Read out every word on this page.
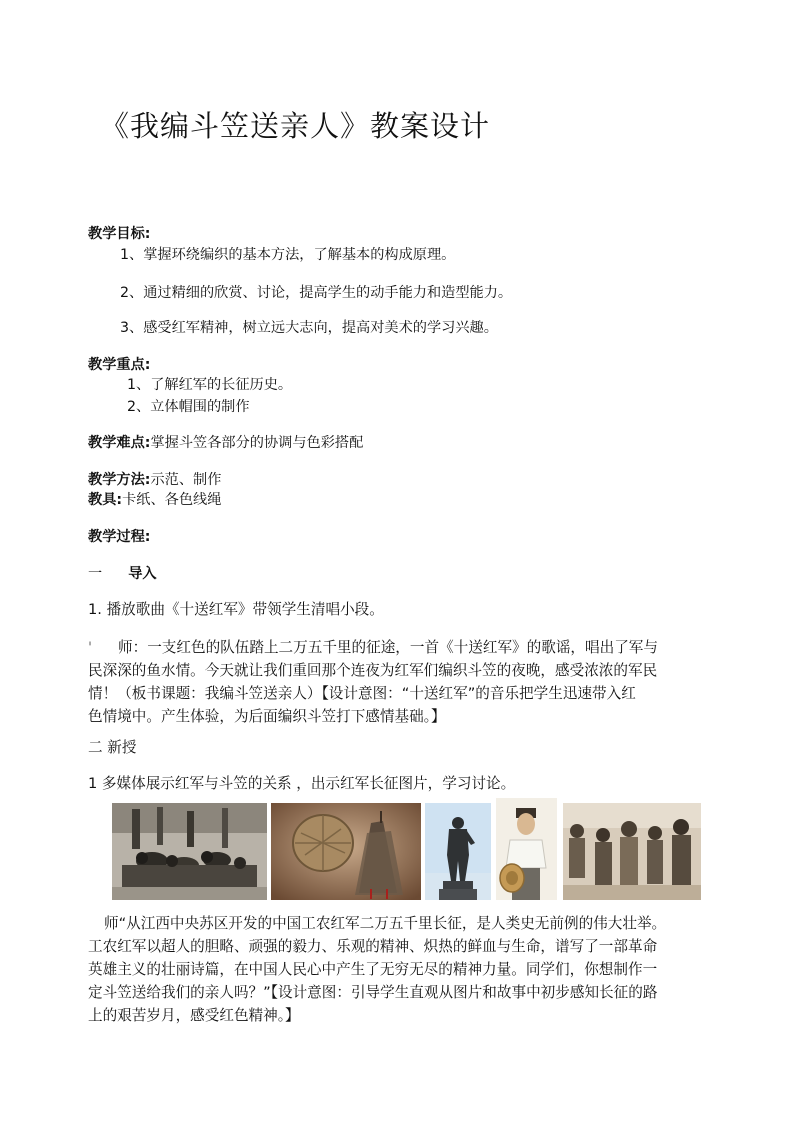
《我编斗笠送亲人》教案设计
教学目标:
1、掌握环绕编织的基本方法，了解基本的构成原理。
2、通过精细的欣赏、讨论，提高学生的动手能力和造型能力。
3、感受红军精神，树立远大志向，提高对美术的学习兴趣。
教学重点:
1、了解红军的长征历史。
2、立体帽围的制作
教学难点:掌握斗笠各部分的协调与色彩搭配
教学方法:示范、制作
教具:卡纸、各色线绳
教学过程:
一 导入
1. 播放歌曲《十送红军》带领学生清唱小段。
' 师：一支红色的队伍踏上二万五千里的征途，一首《十送红军》的歌谣，唱出了军与
民深深的鱼水情。今天就让我们重回那个连夜为红军们编织斗笠的夜晚，感受浓浓的军民
情！（板书课题：我编斗笠送亲人）【设计意图：“十送红军”的音乐把学生迅速带入红
色情境中。产生体验，为后面编织斗笠打下感情基础。】
二 新授
1 多媒体展示红军与斗笠的关系 ，出示红军长征图片，学习讨论。
师“从江西中央苏区开发的中国工农红军二万五千里长征，是人类史无前例的伟大壮举。
工农红军以超人的胆略、顽强的毅力、乐观的精神、炽热的鲜血与生命，谱写了一部革命
英雄主义的壮丽诗篇，在中国人民心中产生了无穷无尽的精神力量。同学们，你想制作一
定斗笠送给我们的亲人吗？”【设计意图：引导学生直观从图片和故事中初步感知长征的路
上的艰苦岁月，感受红色精神。】
